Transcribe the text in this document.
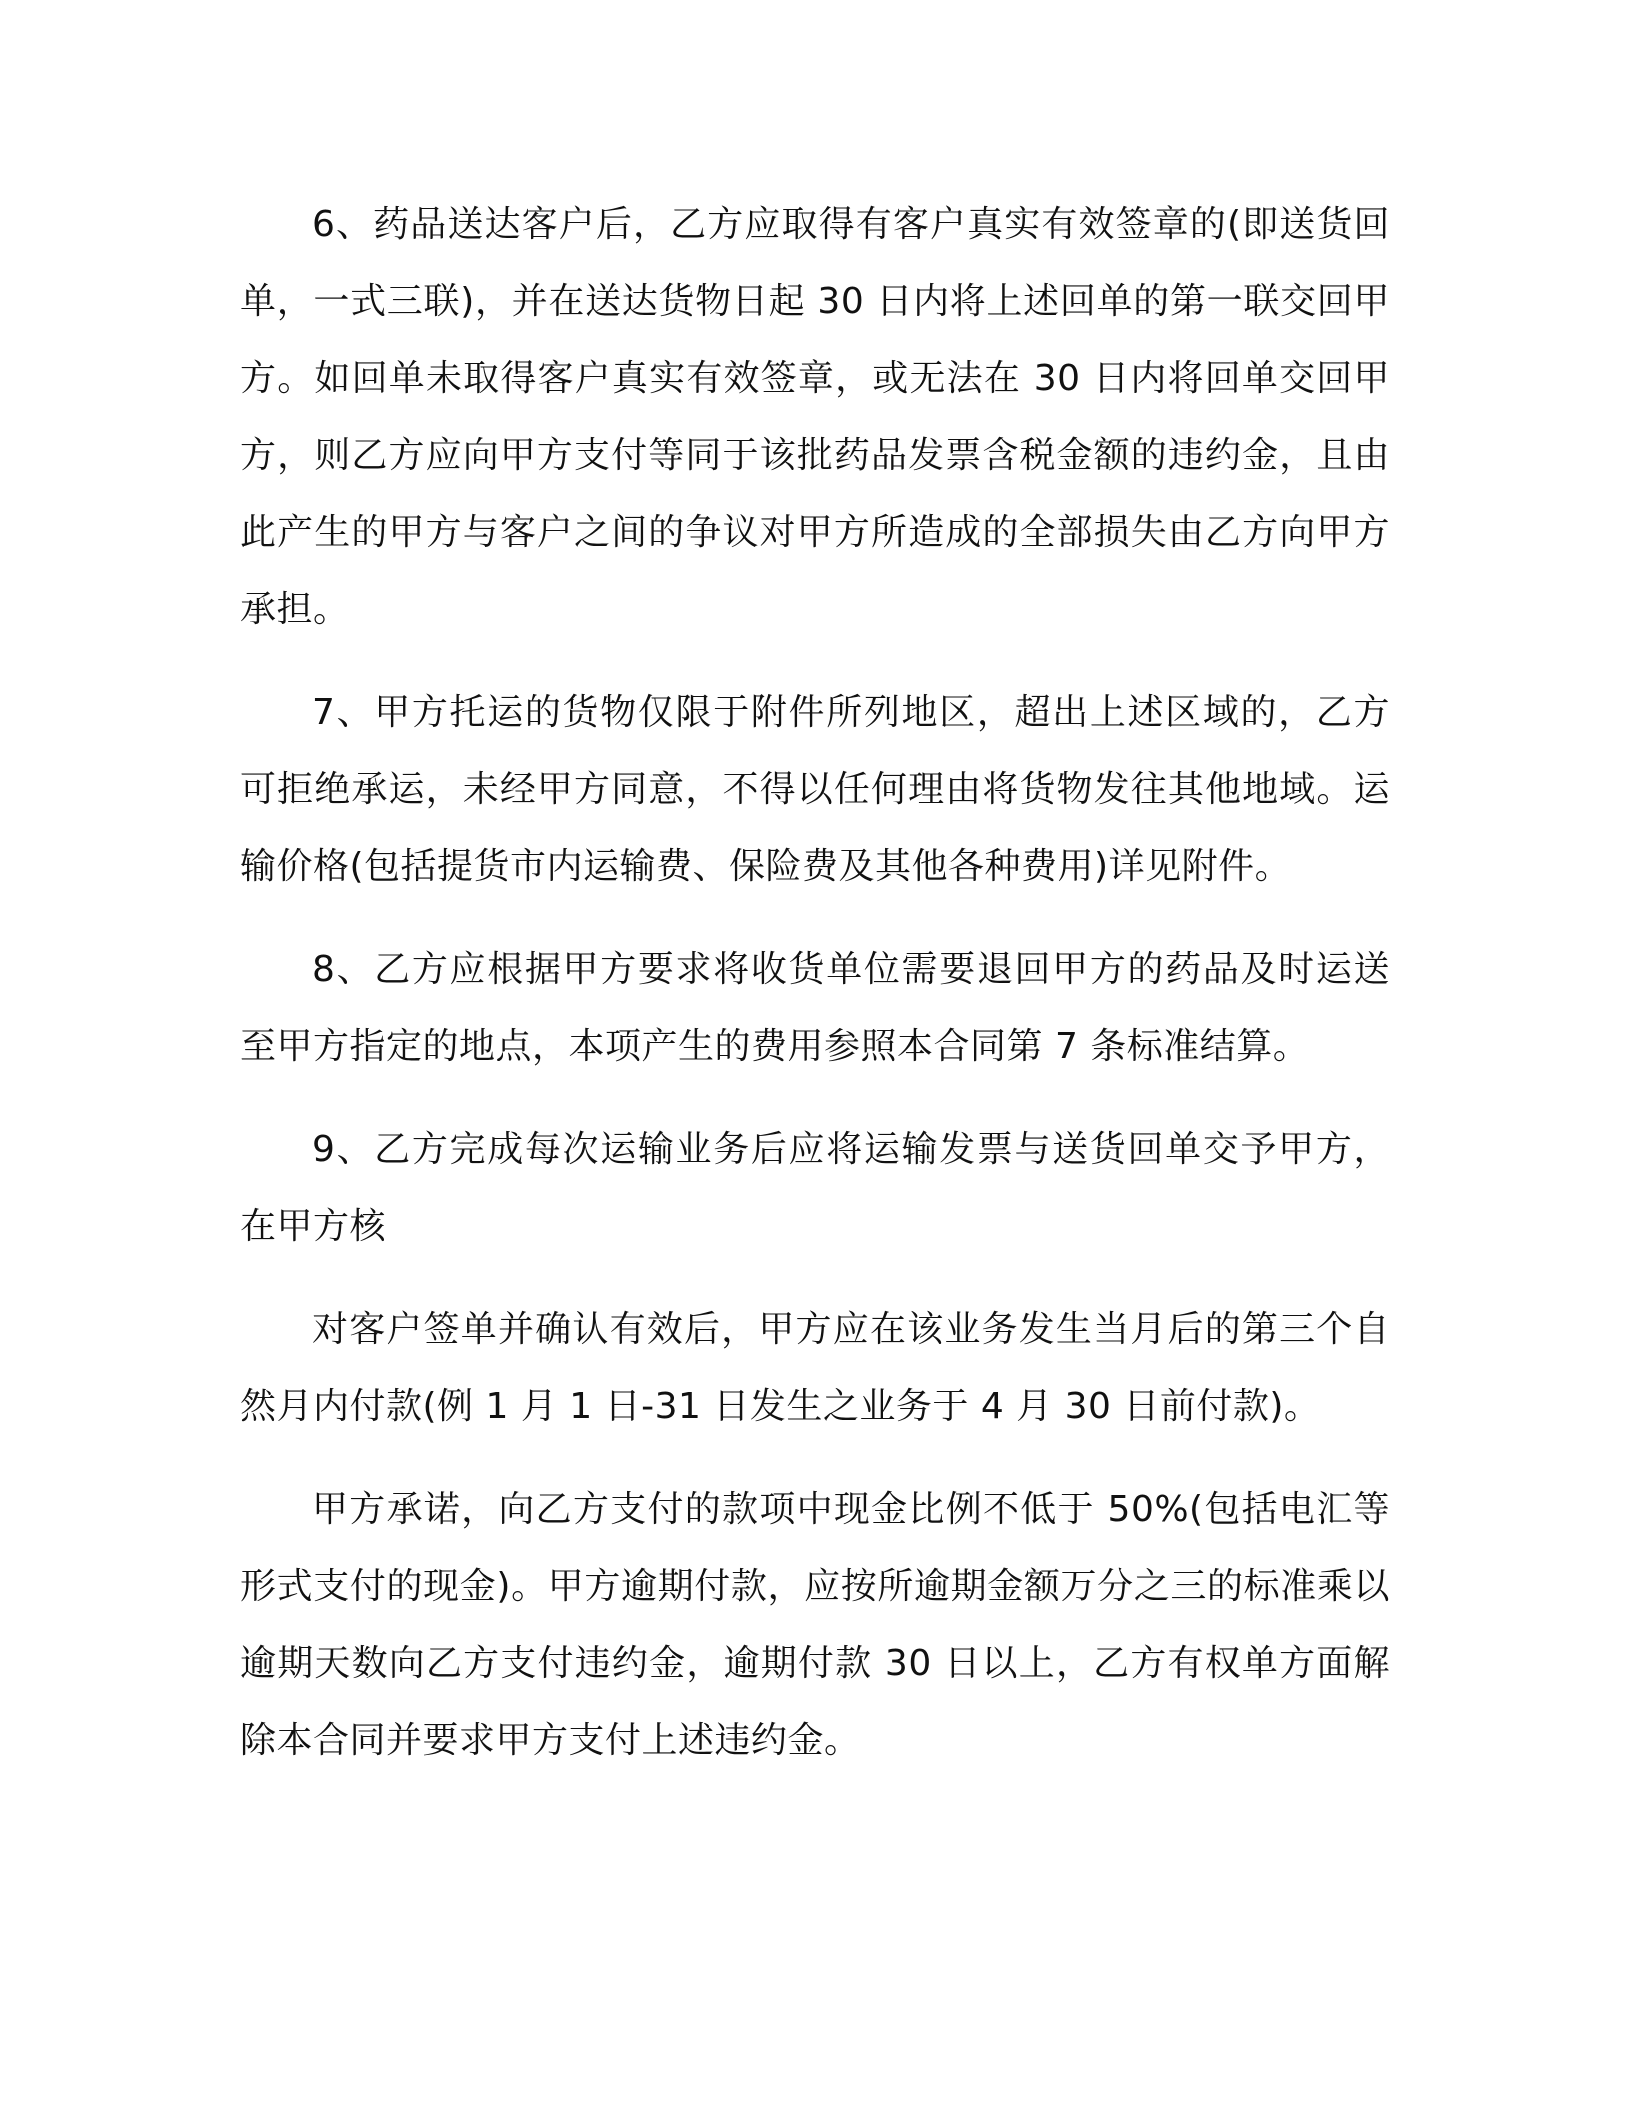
6、药品送达客户后，乙方应取得有客户真实有效签章的(即送货回单，一式三联)，并在送达货物日起 30 日内将上述回单的第一联交回甲方。如回单未取得客户真实有效签章，或无法在 30 日内将回单交回甲方，则乙方应向甲方支付等同于该批药品发票含税金额的违约金，且由此产生的甲方与客户之间的争议对甲方所造成的全部损失由乙方向甲方承担。

7、甲方托运的货物仅限于附件所列地区，超出上述区域的，乙方可拒绝承运，未经甲方同意，不得以任何理由将货物发往其他地域。运输价格(包括提货市内运输费、保险费及其他各种费用)详见附件。

8、乙方应根据甲方要求将收货单位需要退回甲方的药品及时运送至甲方指定的地点，本项产生的费用参照本合同第 7 条标准结算。

9、乙方完成每次运输业务后应将运输发票与送货回单交予甲方，在甲方核

对客户签单并确认有效后，甲方应在该业务发生当月后的第三个自然月内付款(例 1 月 1 日-31 日发生之业务于 4 月 30 日前付款)。

甲方承诺，向乙方支付的款项中现金比例不低于 50%(包括电汇等形式支付的现金)。甲方逾期付款，应按所逾期金额万分之三的标准乘以逾期天数向乙方支付违约金，逾期付款 30 日以上，乙方有权单方面解除本合同并要求甲方支付上述违约金。
